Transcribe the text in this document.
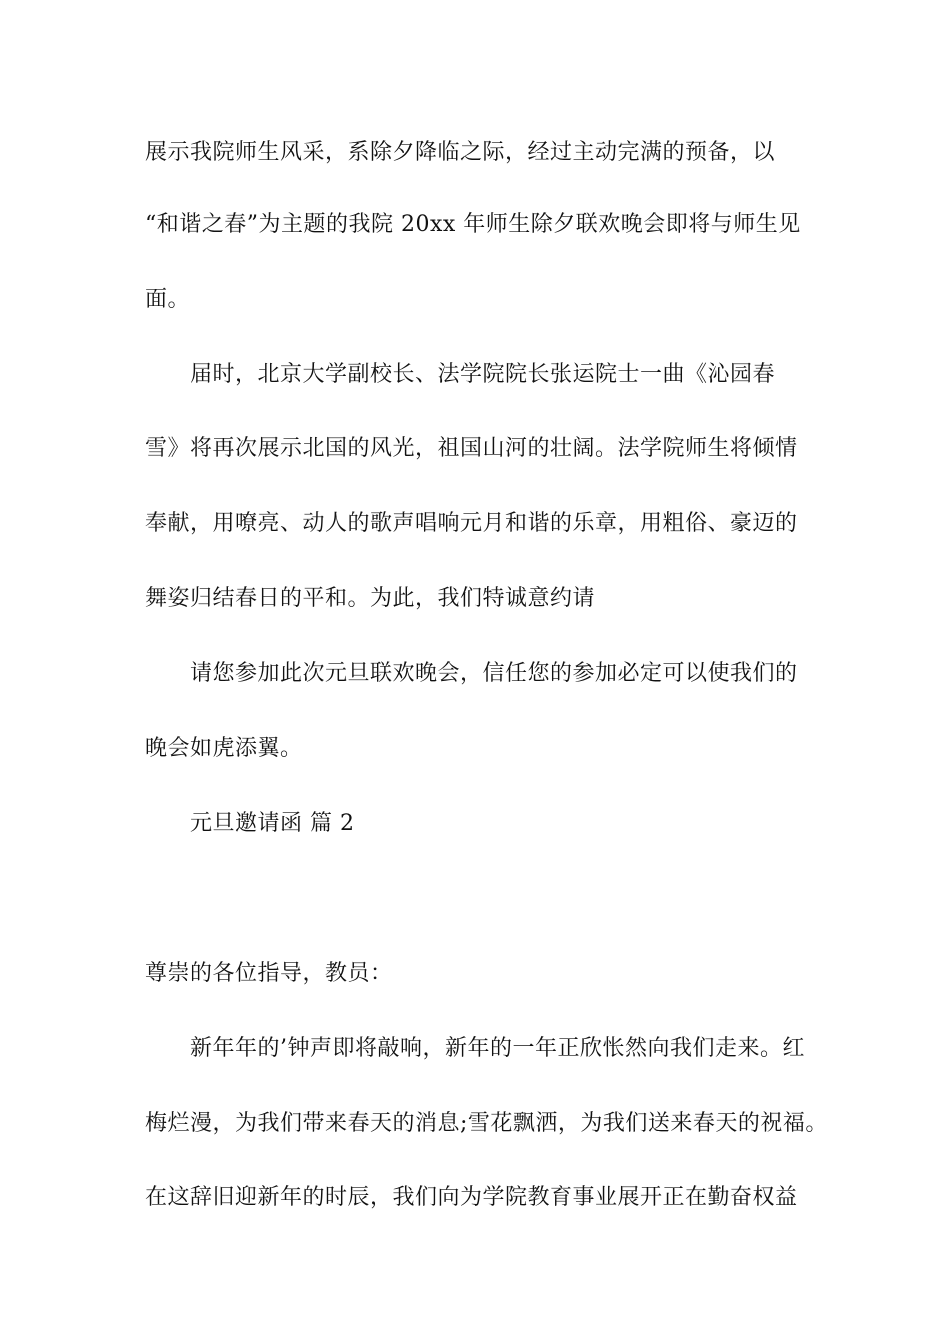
展示我院师生风采，系除夕降临之际，经过主动完满的预备，以
“和谐之春”为主题的我院 20xx 年师生除夕联欢晚会即将与师生见
面。
届时，北京大学副校长、法学院院长张运院士一曲《沁园春
雪》将再次展示北国的风光，祖国山河的壮阔。法学院师生将倾情
奉献，用嘹亮、动人的歌声唱响元月和谐的乐章，用粗俗、豪迈的
舞姿归结春日的平和。为此，我们特诚意约请
请您参加此次元旦联欢晚会，信任您的参加必定可以使我们的
晚会如虎添翼。
元旦邀请函 篇 2
尊崇的各位指导，教员：
新年年的’钟声即将敲响，新年的一年正欣怅然向我们走来。红
梅烂漫，为我们带来春天的消息;雪花飘洒，为我们送来春天的祝福。
在这辞旧迎新年的时辰，我们向为学院教育事业展开正在勤奋权益
